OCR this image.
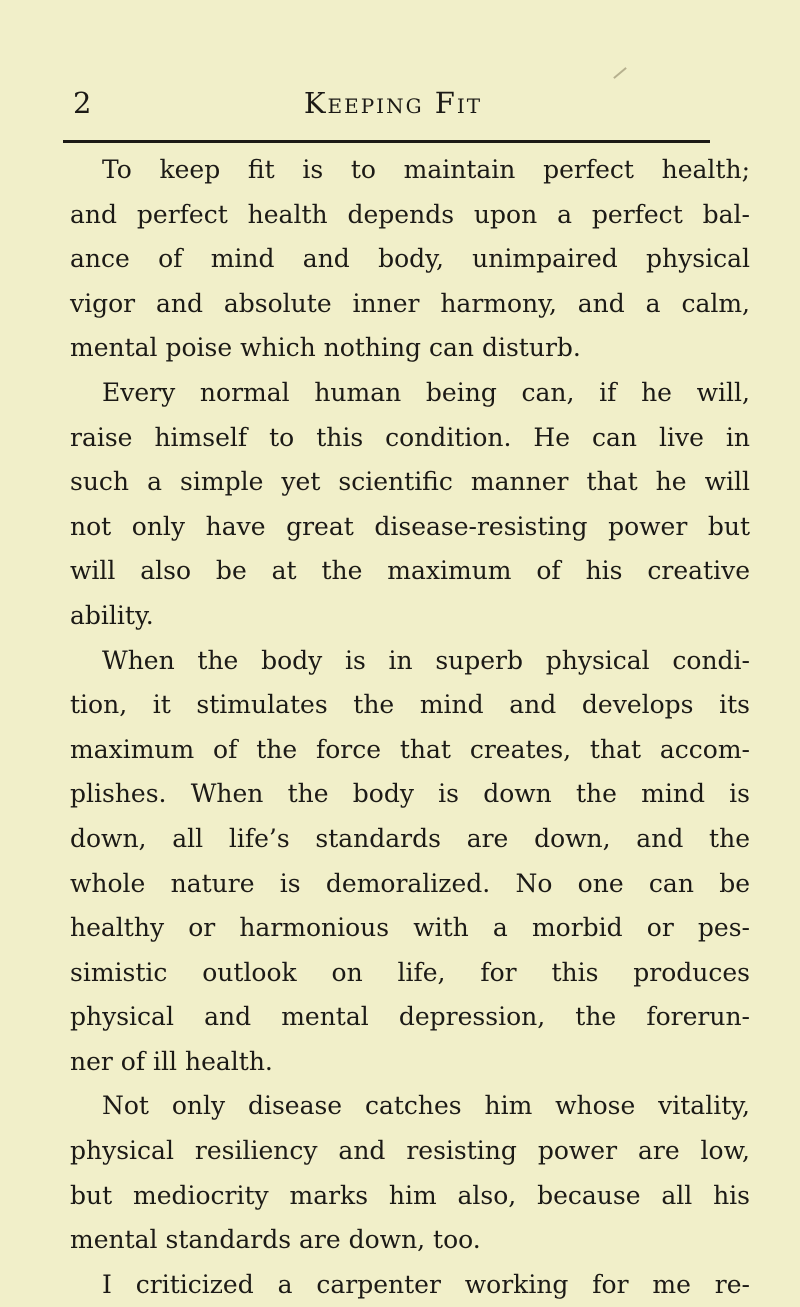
2	Keeping Fit
To keep fit is to maintain perfect health;
and perfect health depends upon a perfect bal-
ance of mind and body, unimpaired physical
vigor and absolute inner harmony, and a calm,
mental poise which nothing can disturb.
Every normal human being can, if he will,
raise himself to this condition. He can live in
such a simple yet scientific manner that he will
not only have great disease-resisting power but
will also be at the maximum of his creative
ability.
When the body is in superb physical condi-
tion, it stimulates the mind and develops its
maximum of the force that creates, that accom-
plishes. When the body is down the mind is
down, all life’s standards are down, and the
whole nature is demoralized. No one can be
healthy or harmonious with a morbid or pes-
simistic outlook on life, for this produces
physical and mental depression, the forerun-
ner of ill health.
Not only disease catches him whose vitality,
physical resiliency and resisting power are low,
but mediocrity marks him also, because all his
mental standards are down, too.
I criticized a carpenter working for me re-
